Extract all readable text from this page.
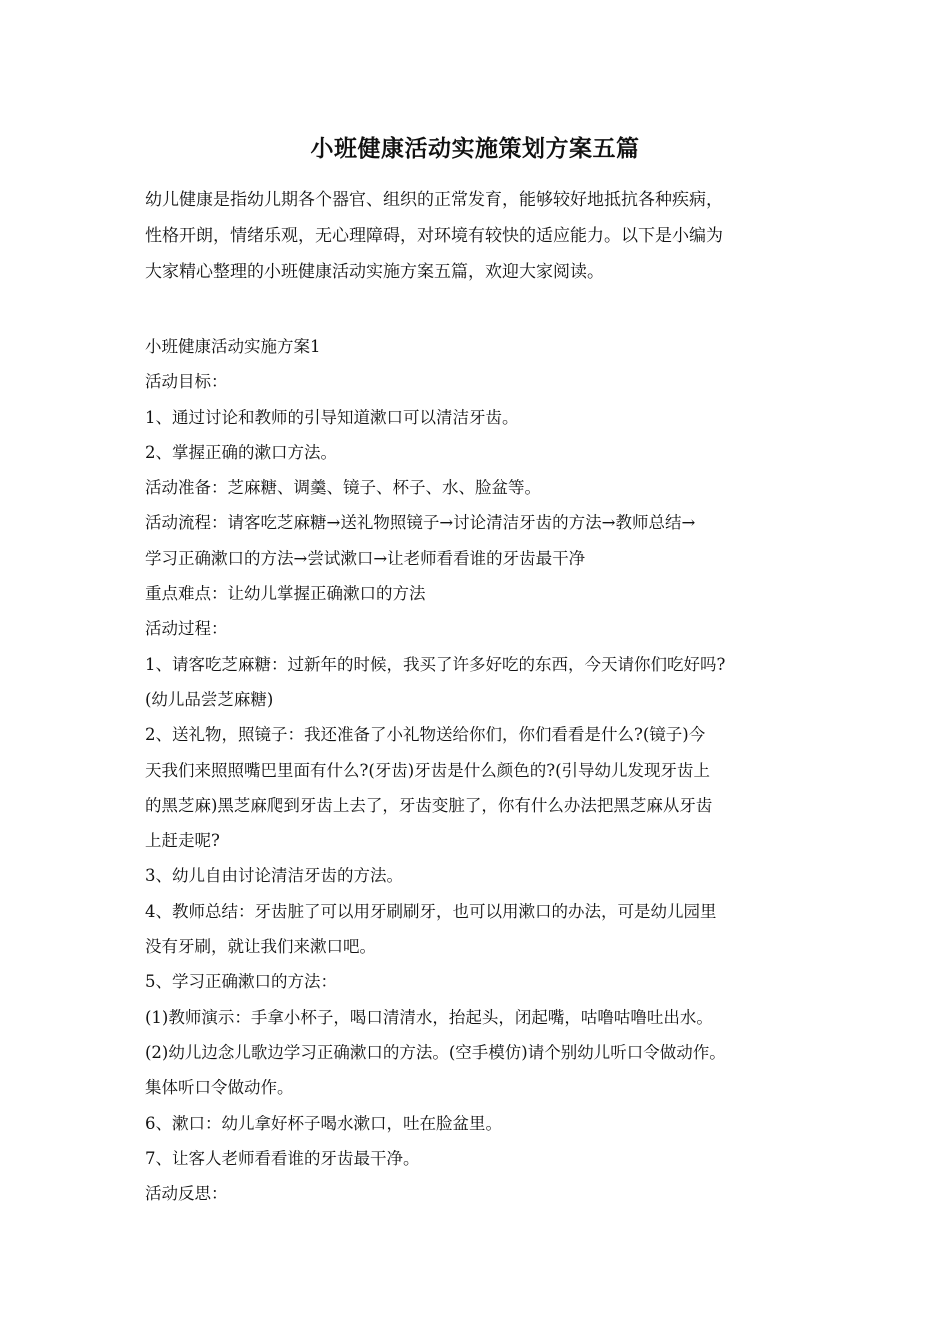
小班健康活动实施策划方案五篇

幼儿健康是指幼儿期各个器官、组织的正常发育，能够较好地抵抗各种疾病，

性格开朗，情绪乐观，无心理障碍，对环境有较快的适应能力。以下是小编为

大家精心整理的小班健康活动实施方案五篇，欢迎大家阅读。

小班健康活动实施方案1

活动目标：

1、通过讨论和教师的引导知道漱口可以清洁牙齿。

2、掌握正确的漱口方法。

活动准备：芝麻糖、调羹、镜子、杯子、水、脸盆等。

活动流程：请客吃芝麻糖→送礼物照镜子→讨论清洁牙齿的方法→教师总结→

学习正确漱口的方法→尝试漱口→让老师看看谁的牙齿最干净

重点难点：让幼儿掌握正确漱口的方法

活动过程：

1、请客吃芝麻糖：过新年的时候，我买了许多好吃的东西，今天请你们吃好吗?

(幼儿品尝芝麻糖)

2、送礼物，照镜子：我还准备了小礼物送给你们，你们看看是什么?(镜子)今

天我们来照照嘴巴里面有什么?(牙齿)牙齿是什么颜色的?(引导幼儿发现牙齿上

的黑芝麻)黑芝麻爬到牙齿上去了，牙齿变脏了，你有什么办法把黑芝麻从牙齿

上赶走呢?

3、幼儿自由讨论清洁牙齿的方法。

4、教师总结：牙齿脏了可以用牙刷刷牙，也可以用漱口的办法，可是幼儿园里

没有牙刷，就让我们来漱口吧。

5、学习正确漱口的方法：

(1)教师演示：手拿小杯子，喝口清清水，抬起头，闭起嘴，咕噜咕噜吐出水。

(2)幼儿边念儿歌边学习正确漱口的方法。(空手模仿)请个别幼儿听口令做动作。

集体听口令做动作。

6、漱口：幼儿拿好杯子喝水漱口，吐在脸盆里。

7、让客人老师看看谁的牙齿最干净。

活动反思：
